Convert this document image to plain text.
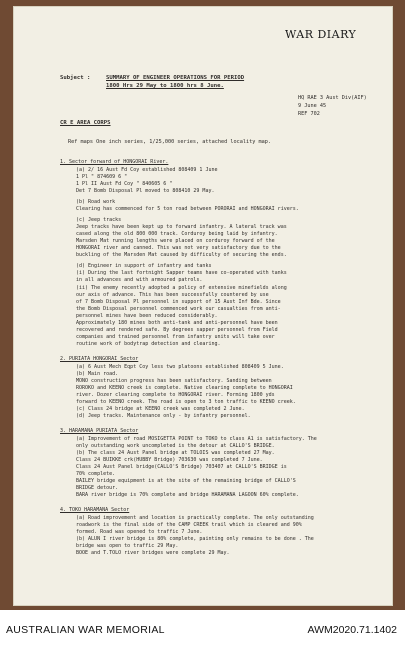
WAR DIARY
Subject :	SUMMARY OF ENGINEER OPERATIONS FOR PERIOD
1800 Hrs 29 May to 1800 hrs 8 June.
HQ RAE 3 Aust Div(AIF)
9 June 45
REF 702
CR E AREA CORPS
Ref maps One inch series, 1/25,000 series, attached locality map.
1. Sector forward of HONGORAI River.
(a) 2/ 16 Aust Fd Coy established 808409 1 June
1 Pl " 874609 6 "
1 Pl II Aust Fd Coy " 840605 6 "
Det 7 Bomb Disposal Pl moved to 808410 29 May.
(b) Road work
Clearing has commenced for 5 ton road between PORORAI and HONGORAI rivers.
(c) Jeep tracks
Jeep tracks have been kept up to forward infantry. A lateral track was
cased along the old 800 000 track. Corduroy being laid by infantry.
Marsden Mat running lengths were placed on corduroy forward of the
HONGORAI river and canned. This was not very satisfactory due to the
buckling of the Marsden Mat caused by difficulty of securing the ends.
(d) Engineer in support of infantry and tanks
(i) During the last fortnight Sapper teams have co-operated with tanks
in all advances and with armoured patrols.
(ii) The enemy recently adopted a policy of extensive minefields along
our axis of advance. This has been successfully countered by use
of 7 Bomb Disposal Pl personnel in support of 15 Aust Inf Bde. Since
the Bomb Disposal personnel commenced work our casualties from anti-
personnel mines have been reduced considerably.
Approximately 180 mines both anti-tank and anti-personnel have been
recovered and rendered safe. By degrees sapper personnel from Field
companies and trained personnel from infantry units will take over
routine work of bodytrap detection and clearing.
2. PURIATA HONGORAI Sector
(a) 6 Aust Mech Eqpt Coy less two platoons established 808409 5 June.
(b) Main road.
MONO construction progress has been satisfactory. Sanding between
ROROKO and KEENO creek is complete. Native clearing complete to HONGORAI
river. Dozer clearing complete to HONGORAI river. Forming 1800 yds
forward to KEENO creek. The road is open to 3 ton traffic to KEENO creek.
(c) Class 24 bridge at KEENO creek was completed 2 June.
(d) Jeep tracks. Maintenance only - by infantry personnel.
3. HARAMANA PURIATA Sector
(a) Improvement of road MOSIGETTA POINT to TOKO to class A1 is satisfactory. The
only outstanding work uncompleted is the detour at CALLO'S BRIDGE.
(b) The class 24 Aust Panel bridge at TOLOIS was completed 27 May.
Class 24 BUIKKE crk(HUBBY Bridge) 703630 was completed 7 June.
Class 24 Aust Panel bridge(CALLO'S Bridge) 703407 at CALLO'S BRIDGE is
70% complete.
BAILEY bridge equipment is at the site of the remaining bridge of CALLO'S
BRIDGE detour.
BARA river bridge is 70% complete and bridge HARAMANA LAGOON 60% complete.
4. TOKO HARAMANA Sector
(a) Road improvement and location is practically complete. The only outstanding
roadwork is the final side of the CAMP CREEK trail which is cleared and 90%
formed. Road was opened to traffic 7 June.
(b) ALUN I river bridge is 80% complete, painting only remains to be done . The
bridge was open to traffic 29 May.
BOOE and T.TOLO river bridges were complete 29 May.
AUSTRALIAN WAR MEMORIAL	AWM2020.71.1402
